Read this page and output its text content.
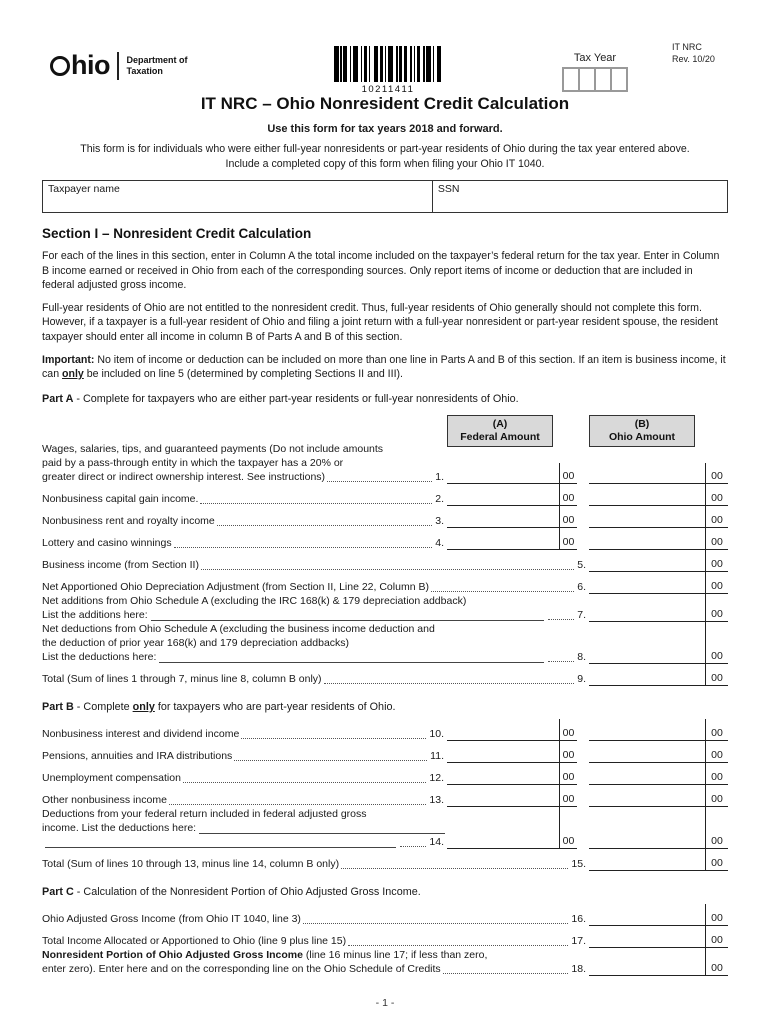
hio Department of
Taxation
10211411
Tax Year
IT NRC
Rev. 10/20
IT NRC – Ohio Nonresident Credit Calculation
Use this form for tax years 2018 and forward.
This form is for individuals who were either full-year nonresidents or part-year residents of Ohio during the tax year entered above.
Include a completed copy of this form when filing your Ohio IT 1040.
Taxpayer name	SSN
Section I – Nonresident Credit Calculation
For each of the lines in this section, enter in Column A the total income included on the taxpayer’s federal return for the tax year. Enter in Column B income earned or received in Ohio from each of the corresponding sources. Only report items of income or deduction that are included in federal adjusted gross income.
Full-year residents of Ohio are not entitled to the nonresident credit. Thus, full-year residents of Ohio generally should not complete this form. However, if a taxpayer is a full-year resident of Ohio and filing a joint return with a full-year nonresident or part-year resident spouse, the resident taxpayer should enter all income in column B of Parts A and B of this section.
Important: No item of income or deduction can be included on more than one line in Parts A and B of this section. If an item is business income, it can only be included on line 5 (determined by completing Sections II and III).
Part A - Complete for taxpayers who are either part-year residents or full-year nonresidents of Ohio.
(A)
Federal Amount
(B)
Ohio Amount
Wages, salaries, tips, and guaranteed payments (Do not include amounts
paid by a pass-through entity in which the taxpayer has a 20% or
greater direct or indirect ownership interest. See instructions)	1.	00	00
Nonbusiness capital gain income.	2.	00	00
Nonbusiness rent and royalty income	3.	00	00
Lottery and casino winnings	4.	00	00
Business income (from Section II)	5.	00
Net Apportioned Ohio Depreciation Adjustment (from Section II, Line 22, Column B)	6.	00
Net additions from Ohio Schedule A (excluding the IRC 168(k) & 179 depreciation addback)
List the additions here:	7.	00
Net deductions from Ohio Schedule A (excluding the business income deduction and
the deduction of prior year 168(k) and 179 depreciation addbacks)
List the deductions here:	8.	00
Total (Sum of lines 1 through 7, minus line 8, column B only)	9.	00
Part B - Complete only for taxpayers who are part-year residents of Ohio.
Nonbusiness interest and dividend income	10.	00	00
Pensions, annuities and IRA distributions	11.	00	00
Unemployment compensation	12.	00	00
Other nonbusiness income	13.	00	00
Deductions from your federal return included in federal adjusted gross
income. List the deductions here:
14.	00	00
Total (Sum of lines 10 through 13, minus line 14, column B only)	15.	00
Part C - Calculation of the Nonresident Portion of Ohio Adjusted Gross Income.
Ohio Adjusted Gross Income (from Ohio IT 1040, line 3)	16.	00
Total Income Allocated or Apportioned to Ohio (line 9 plus line 15)	17.	00
Nonresident Portion of Ohio Adjusted Gross Income (line 16 minus line 17; if less than zero,
enter zero). Enter here and on the corresponding line on the Ohio Schedule of Credits	18.	00
- 1 -
